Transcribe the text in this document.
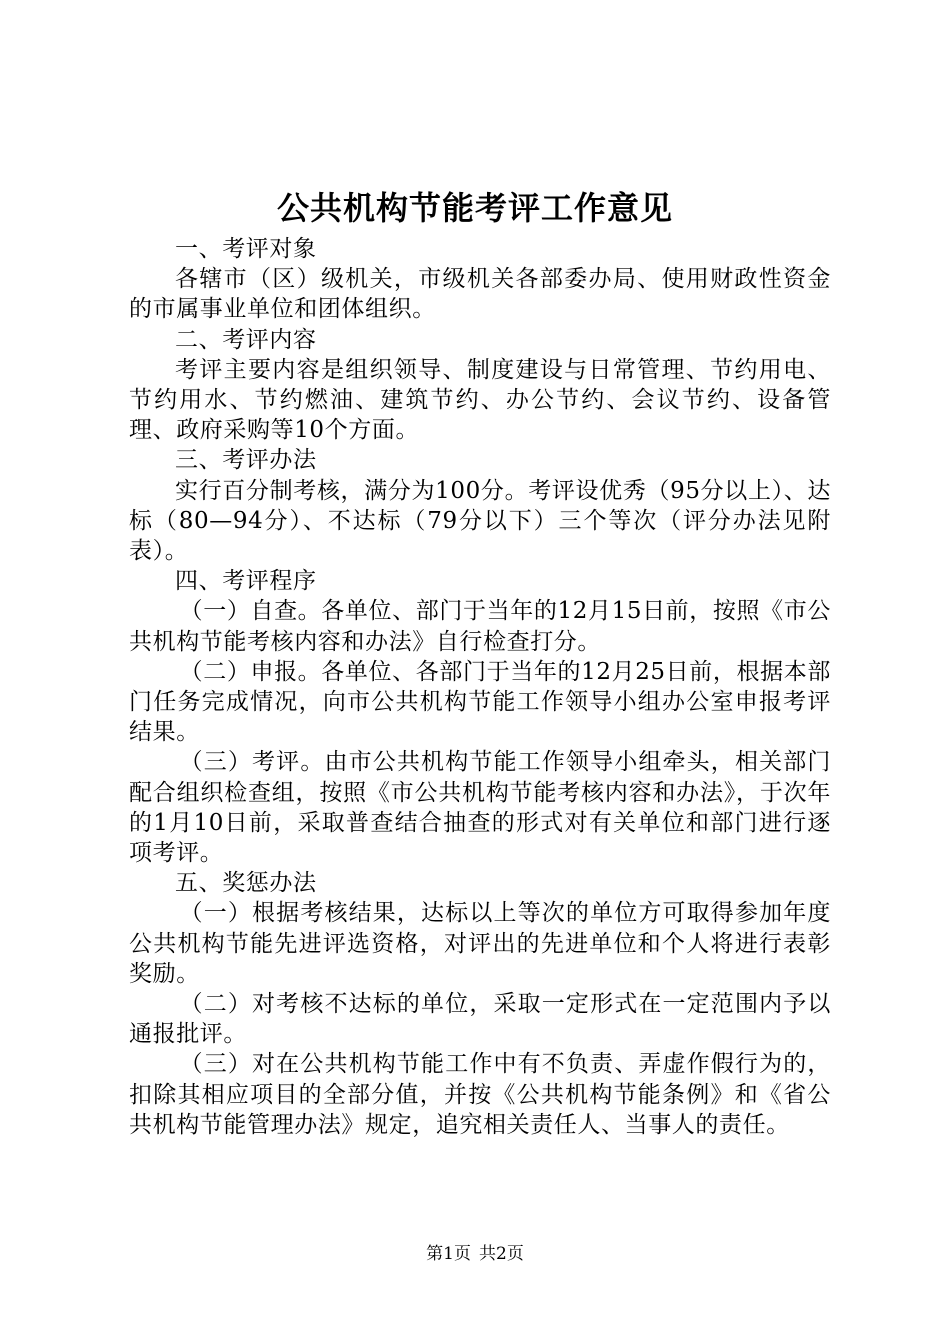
公共机构节能考评工作意见

一、考评对象

各辖市（区）级机关，市级机关各部委办局、使用财政性资金的市属事业单位和团体组织。

二、考评内容

考评主要内容是组织领导、制度建设与日常管理、节约用电、节约用水、节约燃油、建筑节约、办公节约、会议节约、设备管理、政府采购等10个方面。

三、考评办法

实行百分制考核，满分为100分。考评设优秀（95分以上）、达标（80—94分）、不达标（79分以下）三个等次（评分办法见附表）。

四、考评程序

（一）自查。各单位、部门于当年的12月15日前，按照《市公共机构节能考核内容和办法》自行检查打分。

（二）申报。各单位、各部门于当年的12月25日前，根据本部门任务完成情况，向市公共机构节能工作领导小组办公室申报考评结果。

（三）考评。由市公共机构节能工作领导小组牵头，相关部门配合组织检查组，按照《市公共机构节能考核内容和办法》，于次年的1月10日前，采取普查结合抽查的形式对有关单位和部门进行逐项考评。

五、奖惩办法

（一）根据考核结果，达标以上等次的单位方可取得参加年度公共机构节能先进评选资格，对评出的先进单位和个人将进行表彰奖励。

（二）对考核不达标的单位，采取一定形式在一定范围内予以通报批评。

（三）对在公共机构节能工作中有不负责、弄虚作假行为的，扣除其相应项目的全部分值，并按《公共机构节能条例》和《省公共机构节能管理办法》规定，追究相关责任人、当事人的责任。

第1页 共2页
